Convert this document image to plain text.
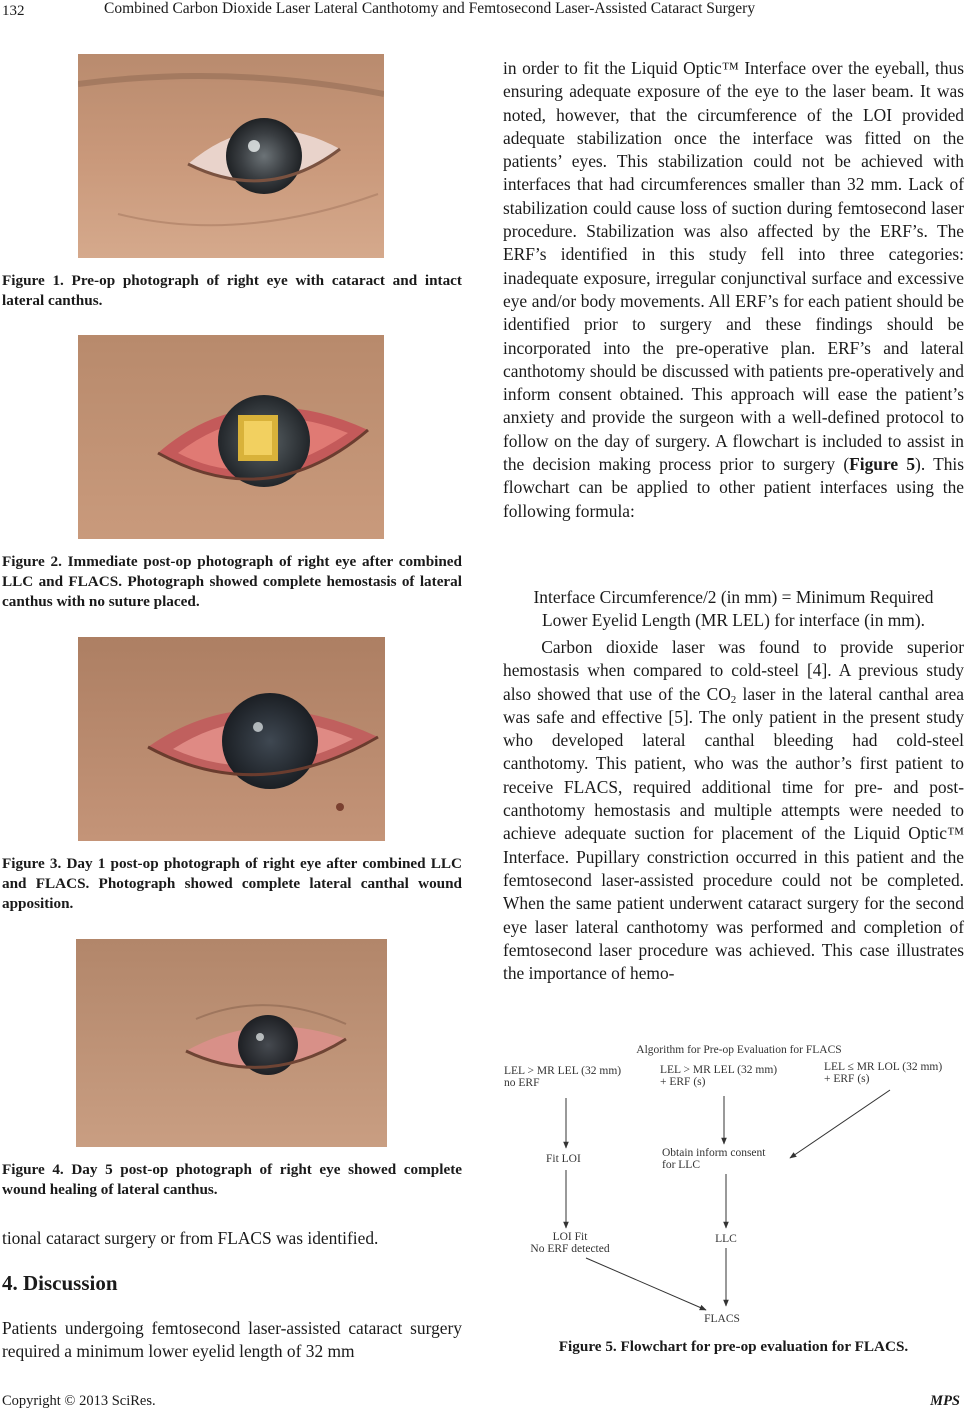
132	Combined Carbon Dioxide Laser Lateral Canthotomy and Femtosecond Laser-Assisted Cataract Surgery
Figure 1. Pre-op photograph of right eye with cataract and intact lateral canthus.
Figure 2. Immediate post-op photograph of right eye after combined LLC and FLACS. Photograph showed complete hemostasis of lateral canthus with no suture placed.
Figure 3. Day 1 post-op photograph of right eye after combined LLC and FLACS. Photograph showed complete lateral canthal wound apposition.
Figure 4. Day 5 post-op photograph of right eye showed complete wound healing of lateral canthus.
tional cataract surgery or from FLACS was identified.
4. Discussion

Patients undergoing femtosecond laser-assisted cataract surgery required a minimum lower eyelid length of 32 mm

in order to fit the Liquid Optic™ Interface over the eyeball, thus ensuring adequate exposure of the eye to the laser beam. It was noted, however, that the circumference of the LOI provided adequate stabilization once the interface was fitted on the patients’ eyes. This stabilization could not be achieved with interfaces that had circumferences smaller than 32 mm. Lack of stabilization could cause loss of suction during femtosecond laser procedure. Stabilization was also affected by the ERF’s. The ERF’s identified in this study fell into three categories: inadequate exposure, irregular conjunctival surface and excessive eye and/or body movements. All ERF’s for each patient should be identified prior to surgery and these findings should be incorporated into the pre-operative plan. ERF’s and lateral canthotomy should be discussed with patients pre-operatively and inform consent obtained. This approach will ease the patient’s anxiety and provide the surgeon with a well-defined protocol to follow on the day of surgery. A flowchart is included to assist in the decision making process prior to surgery (Figure 5). This flowchart can be applied to other patient interfaces using the following formula:

Interface Circumference/2 (in mm) = Minimum Required
Lower Eyelid Length (MR LEL) for interface (in mm).

Carbon dioxide laser was found to provide superior hemostasis when compared to cold-steel [4]. A previous study also showed that use of the $CO_2$ laser in the lateral canthal area was safe and effective [5]. The only patient in the present study who developed lateral canthal bleeding had cold-steel canthotomy. This patient, who was the author’s first patient to receive FLACS, required additional time for pre- and post-canthotomy hemostasis and multiple attempts were needed to achieve adequate suction for placement of the Liquid Optic™ Interface. Pupillary constriction occurred in this patient and the femtosecond laser-assisted procedure could not be completed. When the same patient underwent cataract surgery for the second eye laser lateral canthotomy was performed and completion of femtosecond laser procedure was achieved. This case illustrates the importance of hemo-

Algorithm for Pre-op Evaluation for FLACS
LEL > MR LEL (32 mm)
no ERF
LEL > MR LEL (32 mm)
+ ERF (s)
LEL ≤ MR LOL (32 mm)
+ ERF (s)
Fit LOI	Obtain inform consent
for LLC
LOI Fit
No ERF detected
LLC
FLACS
Figure 5. Flowchart for pre-op evaluation for FLACS.
Copyright © 2013 SciRes.	MPS
